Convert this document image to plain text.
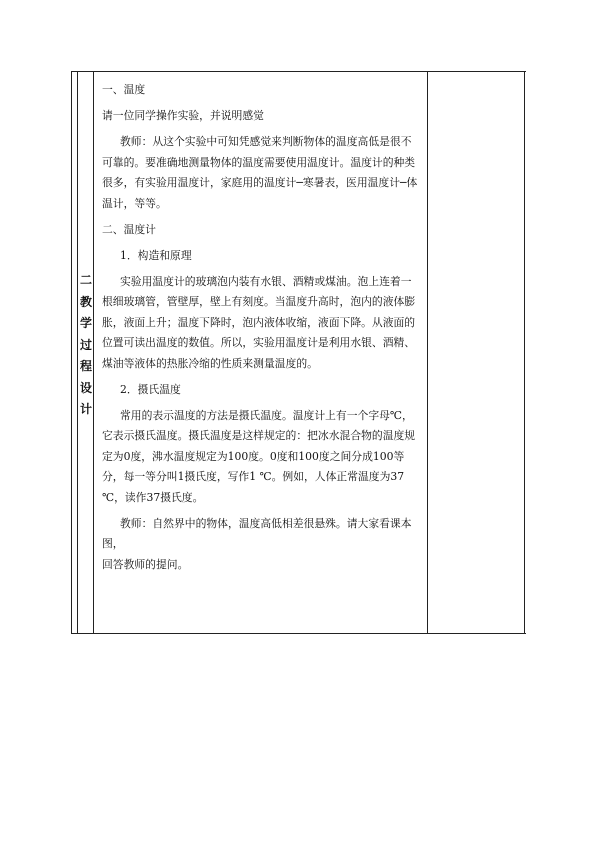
二
教
学
过
程
设
计

一、温度

请一位同学操作实验，并说明感觉

教师：从这个实验中可知凭感觉来判断物体的温度高低是很不可靠的。要准确地测量物体的温度需要使用温度计。温度计的种类很多，有实验用温度计，家庭用的温度计─寒暑表，医用温度计─体温计，等等。

二、温度计

1．构造和原理

实验用温度计的玻璃泡内装有水银、酒精或煤油。泡上连着一根细玻璃管，管壁厚，壁上有刻度。当温度升高时，泡内的液体膨胀，液面上升；温度下降时，泡内液体收缩，液面下降。从液面的位置可读出温度的数值。所以，实验用温度计是利用水银、酒精、煤油等液体的热胀冷缩的性质来测量温度的。

2．摄氏温度

常用的表示温度的方法是摄氏温度。温度计上有一个字母℃，它表示摄氏温度。摄氏温度是这样规定的：把冰水混合物的温度规定为0度，沸水温度规定为100度。0度和100度之间分成100等分，每一等分叫1摄氏度，写作1 ℃。例如，人体正常温度为37 ℃，读作37摄氏度。

教师：自然界中的物体，温度高低相差很悬殊。请大家看课本图，

回答教师的提问。
